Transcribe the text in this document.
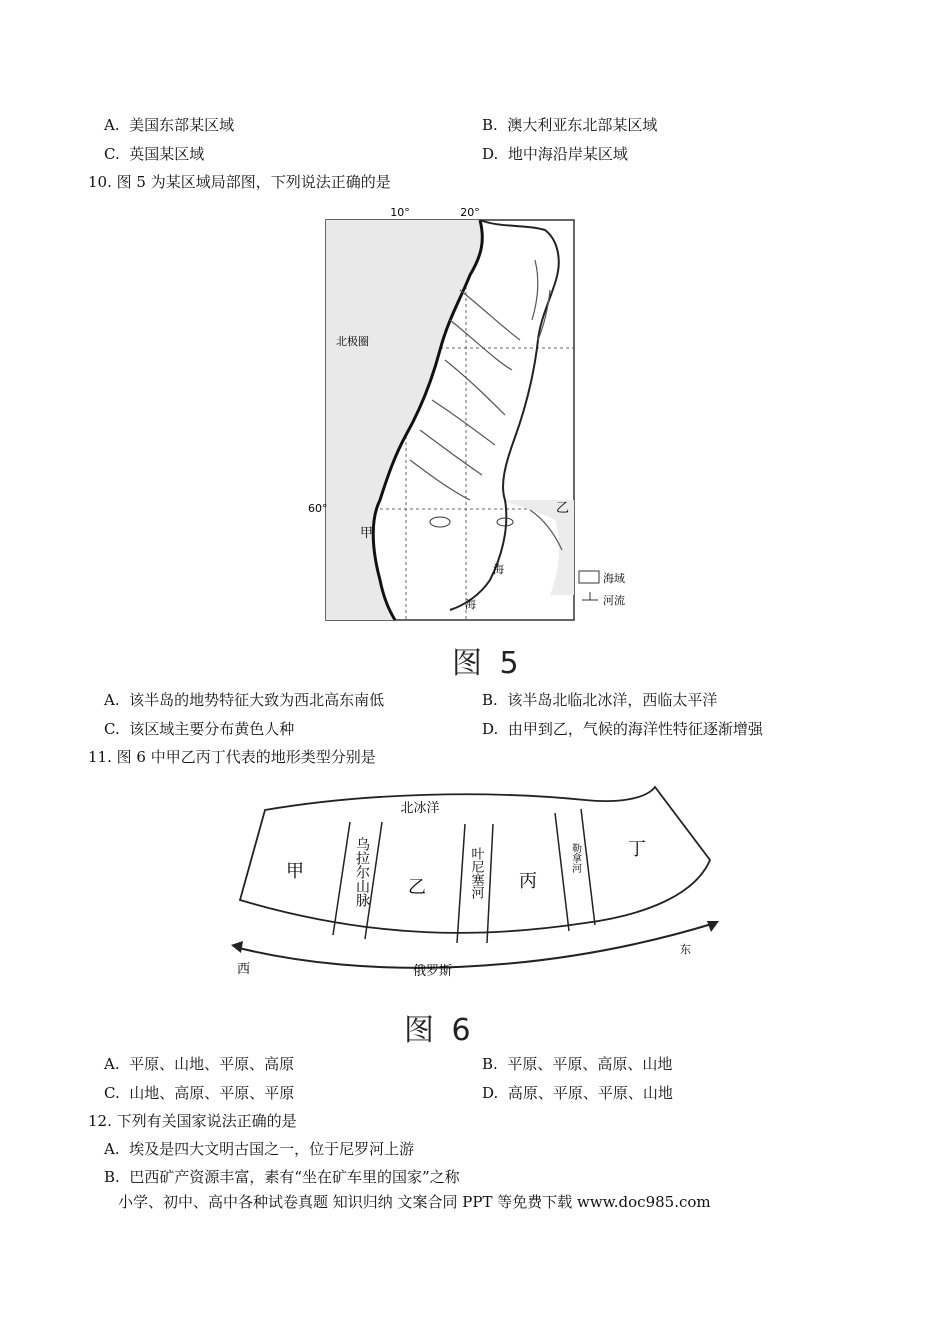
A. 美国东部某区域	B. 澳大利亚东北部某区域
C. 英国某区域	D. 地中海沿岸某区域
10. 图 5 为某区域局部图，下列说法正确的是
10°	20°
北极圈
60°
甲
乙
海
海
海域
河流
图 5
A. 该半岛的地势特征大致为西北高东南低	B. 该半岛北临北冰洋，西临太平洋
C. 该区域主要分布黄色人种	D. 由甲到乙，气候的海洋性特征逐渐增强
11. 图 6 中甲乙丙丁代表的地形类型分别是
北冰洋
甲
乙	丙
丁
乌拉尔山脉	叶尼塞河	勒拿河
西	俄罗斯
东
图 6
A. 平原、山地、平原、高原	B. 平原、平原、高原、山地
C. 山地、高原、平原、平原	D. 高原、平原、平原、山地
12. 下列有关国家说法正确的是
A. 埃及是四大文明古国之一，位于尼罗河上游
B. 巴西矿产资源丰富，素有“坐在矿车里的国家”之称
小学、初中、高中各种试卷真题 知识归纳 文案合同 PPT 等免费下载 www.doc985.com
